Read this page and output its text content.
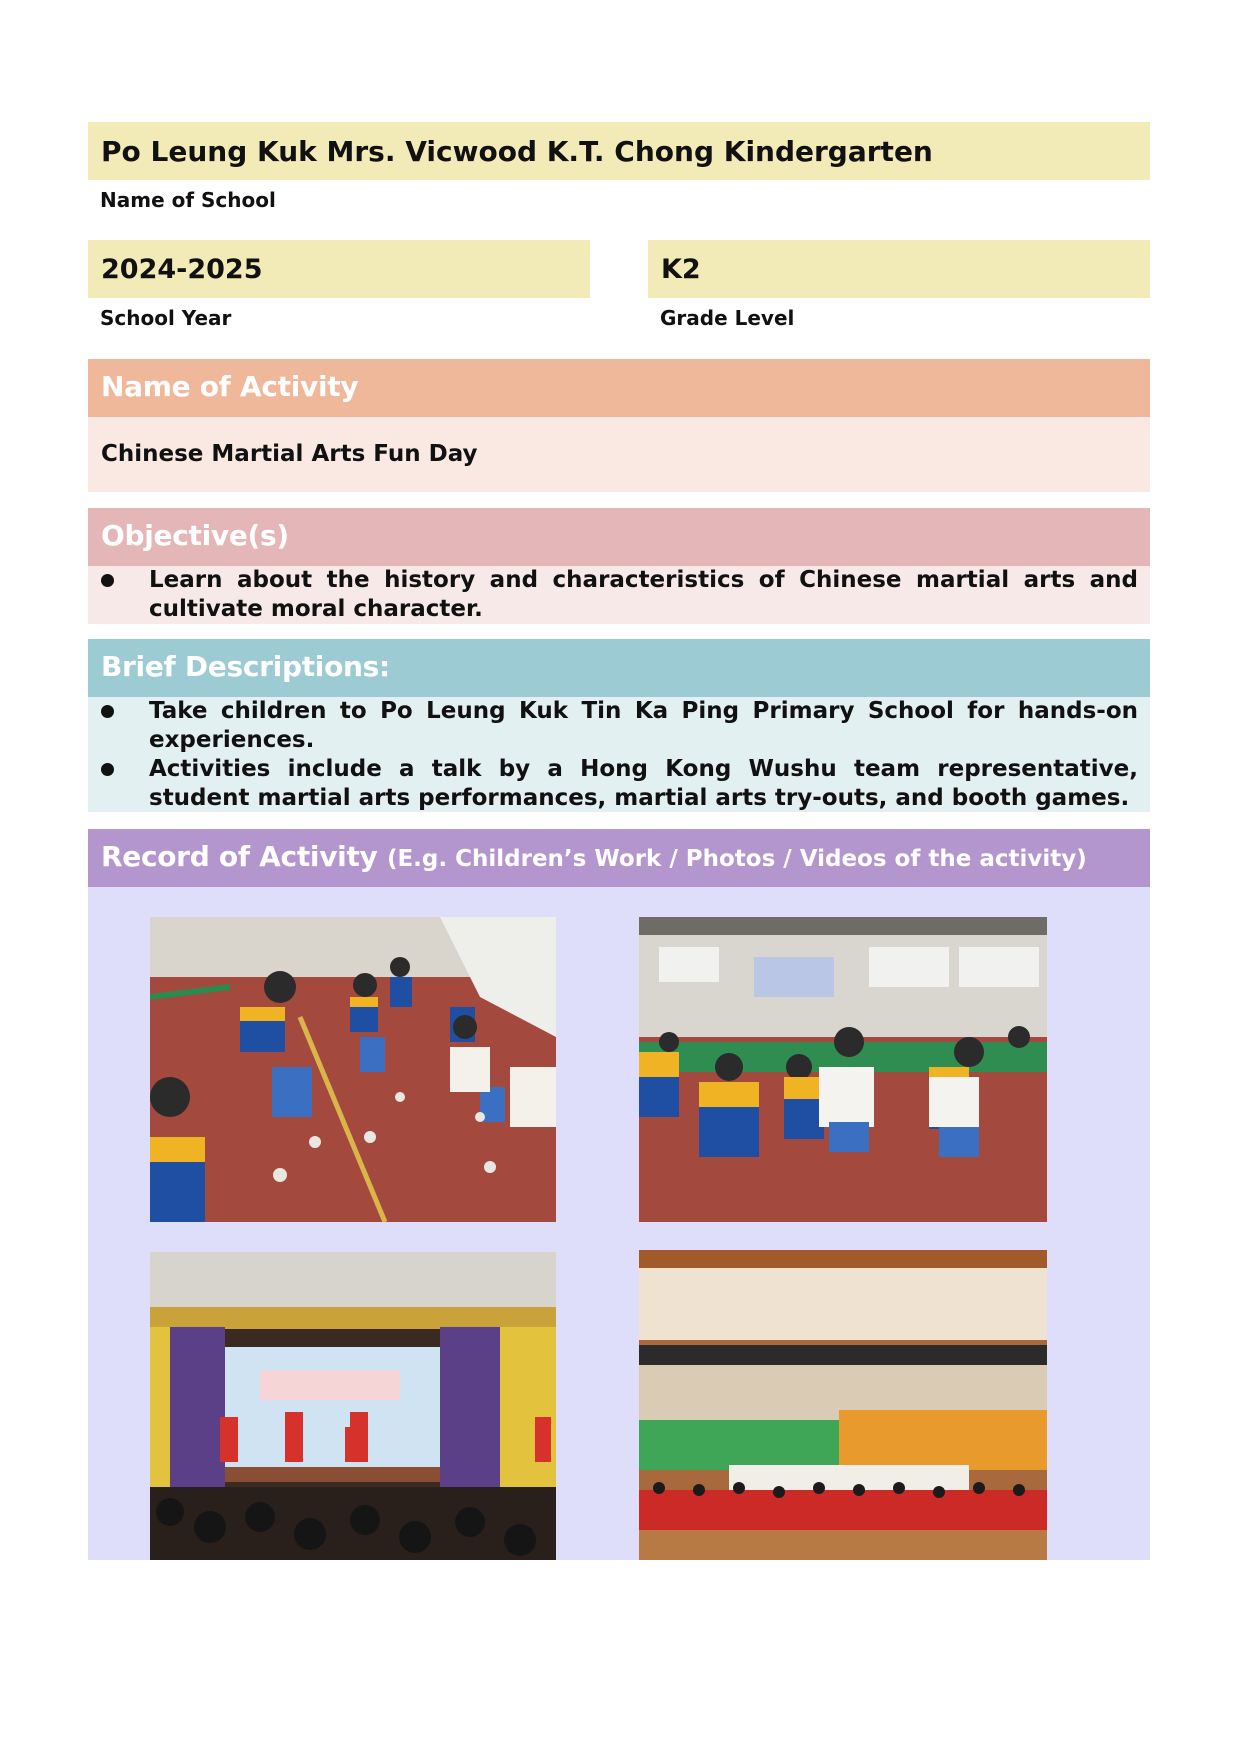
Po Leung Kuk Mrs. Vicwood K.T. Chong Kindergarten
Name of School
2024-2025
School Year
K2
Grade Level
Name of Activity
Chinese Martial Arts Fun Day
Objective(s)
Learn about the history and characteristics of Chinese martial arts and cultivate moral character.
Brief Descriptions:
Take children to Po Leung Kuk Tin Ka Ping Primary School for hands-on experiences.
Activities include a talk by a Hong Kong Wushu team representative, student martial arts performances, martial arts try-outs, and booth games.
Record of Activity (E.g. Children’s Work / Photos / Videos of the activity)
